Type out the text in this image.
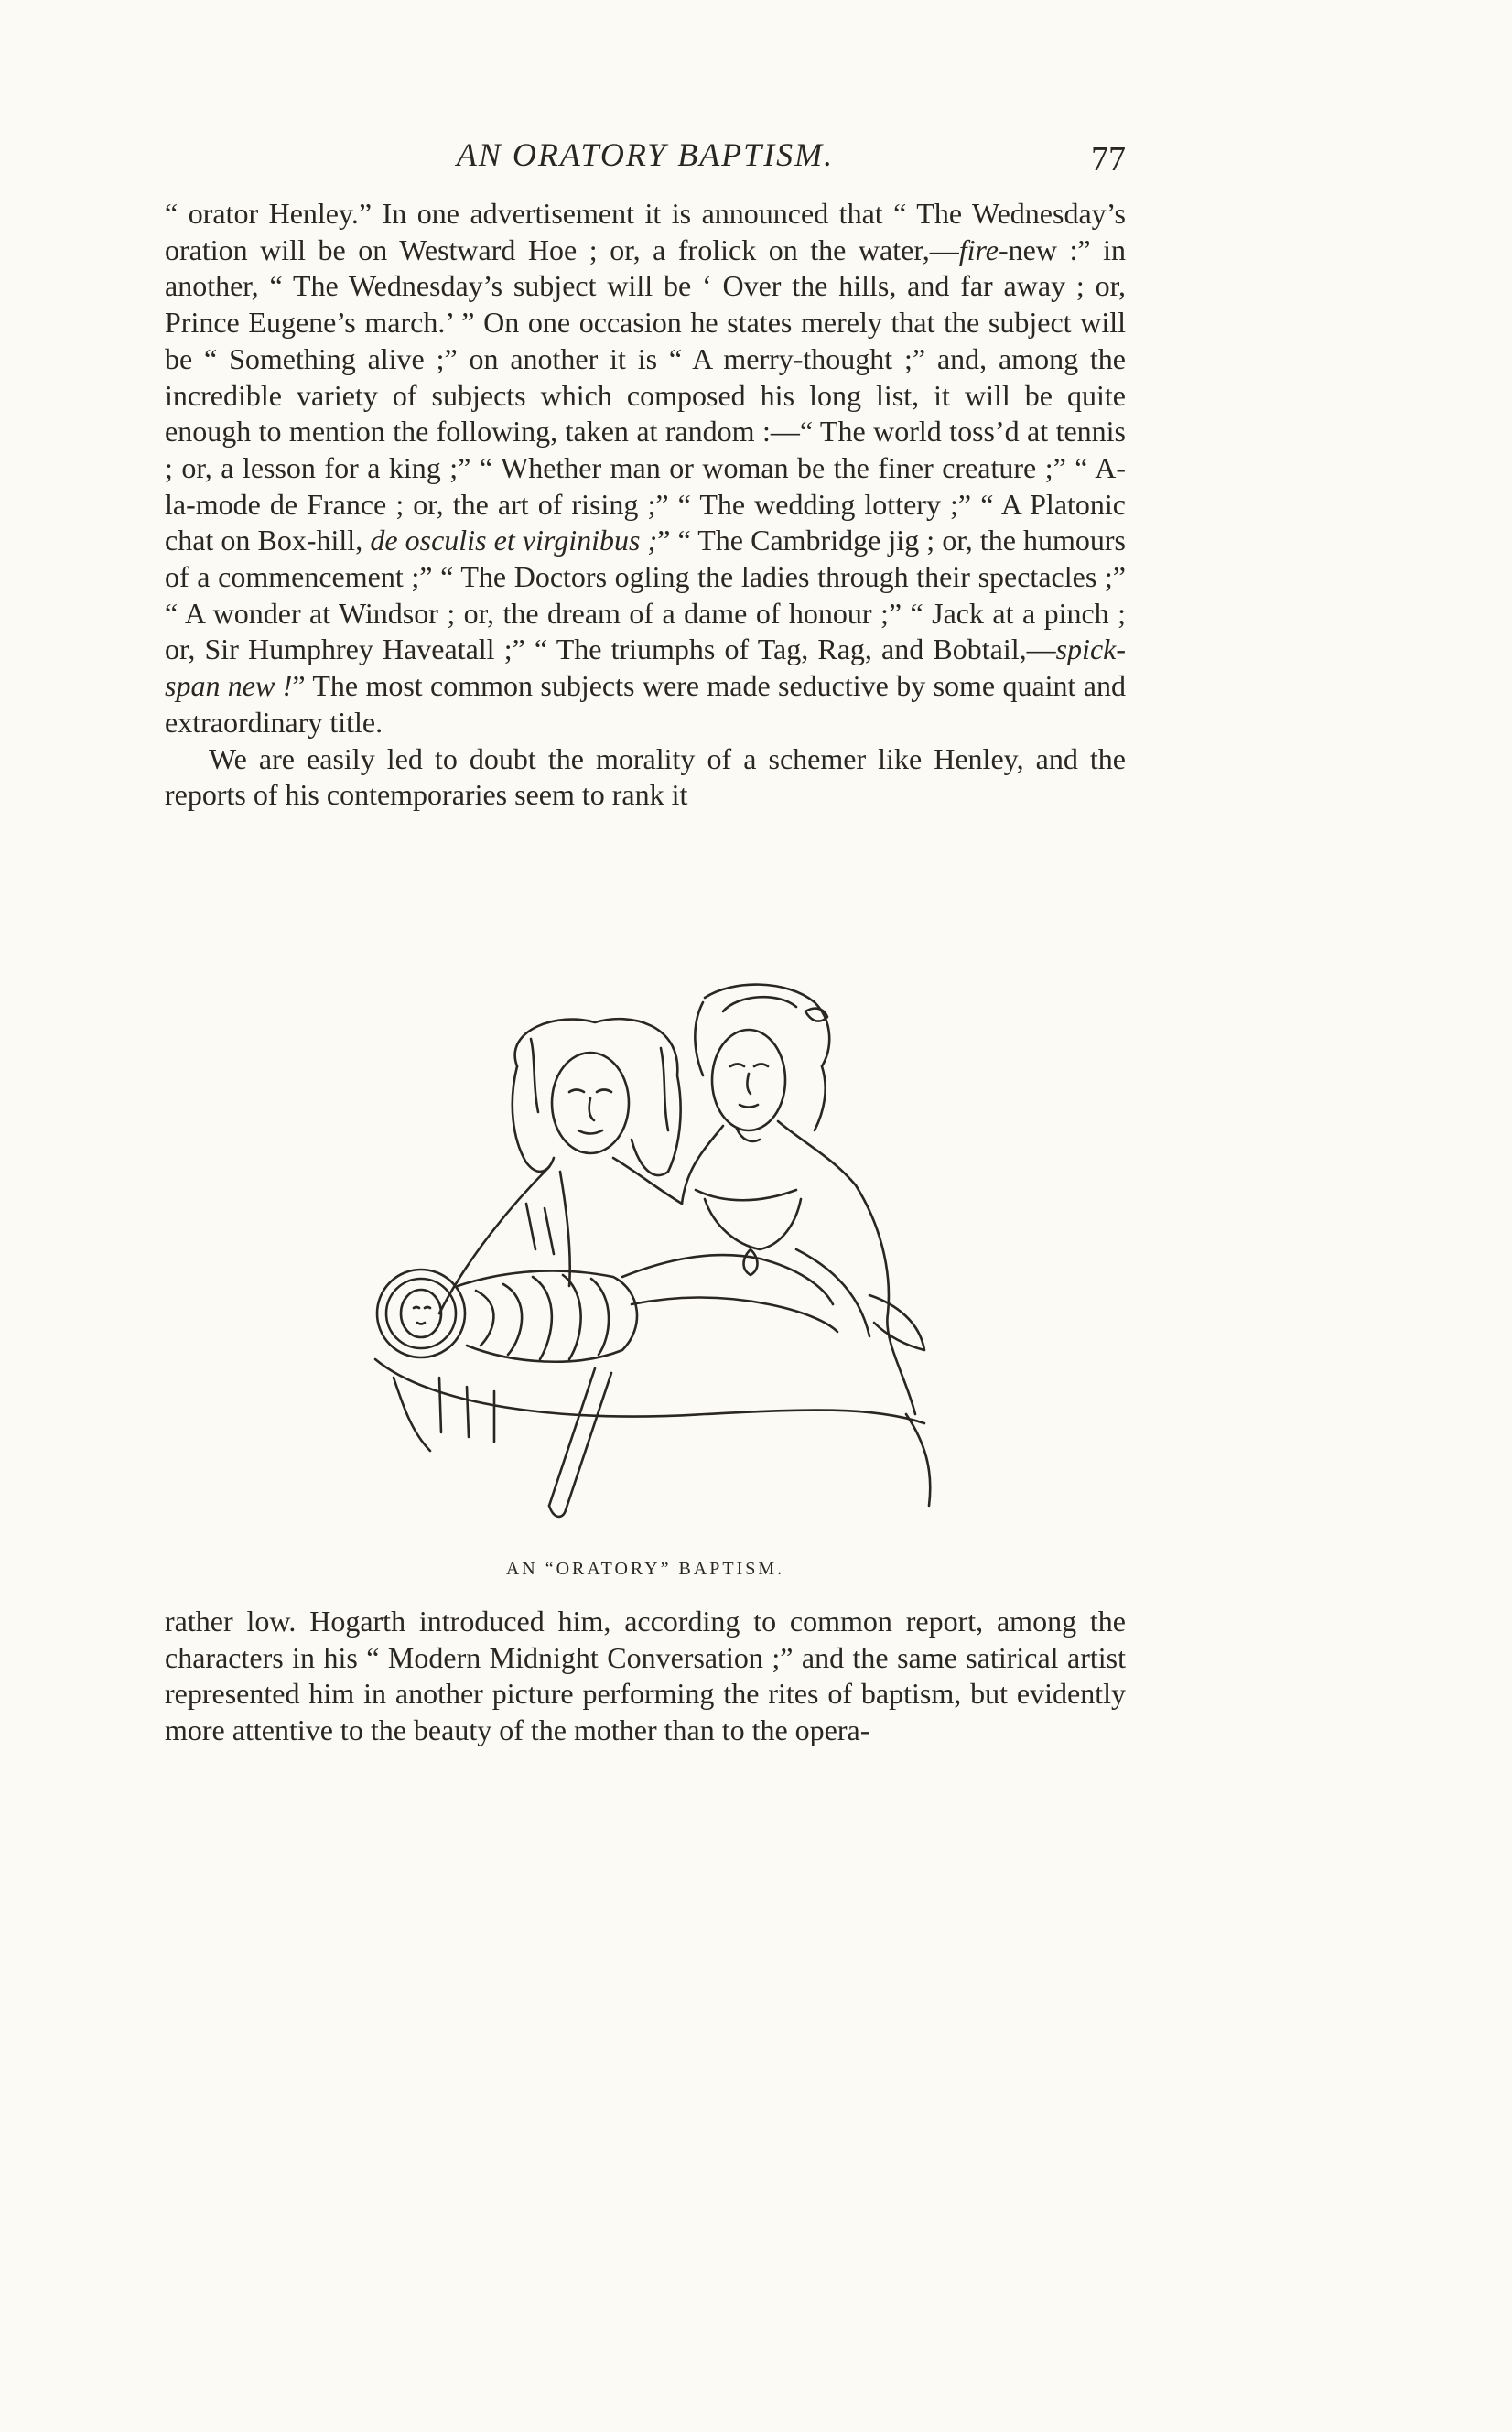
AN ORATORY BAPTISM.	77

“ orator Henley.” In one advertisement it is announced that “ The Wednesday’s oration will be on Westward Hoe ; or, a frolick on the water,—fire-new :” in another, “ The Wednesday’s subject will be ‘ Over the hills, and far away ; or, Prince Eugene’s march.’ ” On one occasion he states merely that the subject will be “ Something alive ;” on another it is “ A merry-thought ;” and, among the incredible variety of subjects which composed his long list, it will be quite enough to mention the following, taken at random :—“ The world toss’d at tennis ; or, a lesson for a king ;” “ Whether man or woman be the finer creature ;” “ A-la-mode de France ; or, the art of rising ;” “ The wedding lottery ;” “ A Platonic chat on Box-hill, de osculis et virginibus ;” “ The Cambridge jig ; or, the humours of a commencement ;” “ The Doctors ogling the ladies through their spectacles ;” “ A wonder at Windsor ; or, the dream of a dame of honour ;” “ Jack at a pinch ; or, Sir Humphrey Haveatall ;” “ The triumphs of Tag, Rag, and Bobtail,—spick-span new !” The most common subjects were made seductive by some quaint and extraordinary title.

We are easily led to doubt the morality of a schemer like Henley, and the reports of his contemporaries seem to rank it

AN “ORATORY” BAPTISM.

rather low. Hogarth introduced him, according to common report, among the characters in his “ Modern Midnight Conversation ;” and the same satirical artist represented him in another picture performing the rites of baptism, but evidently more attentive to the beauty of the mother than to the opera-
